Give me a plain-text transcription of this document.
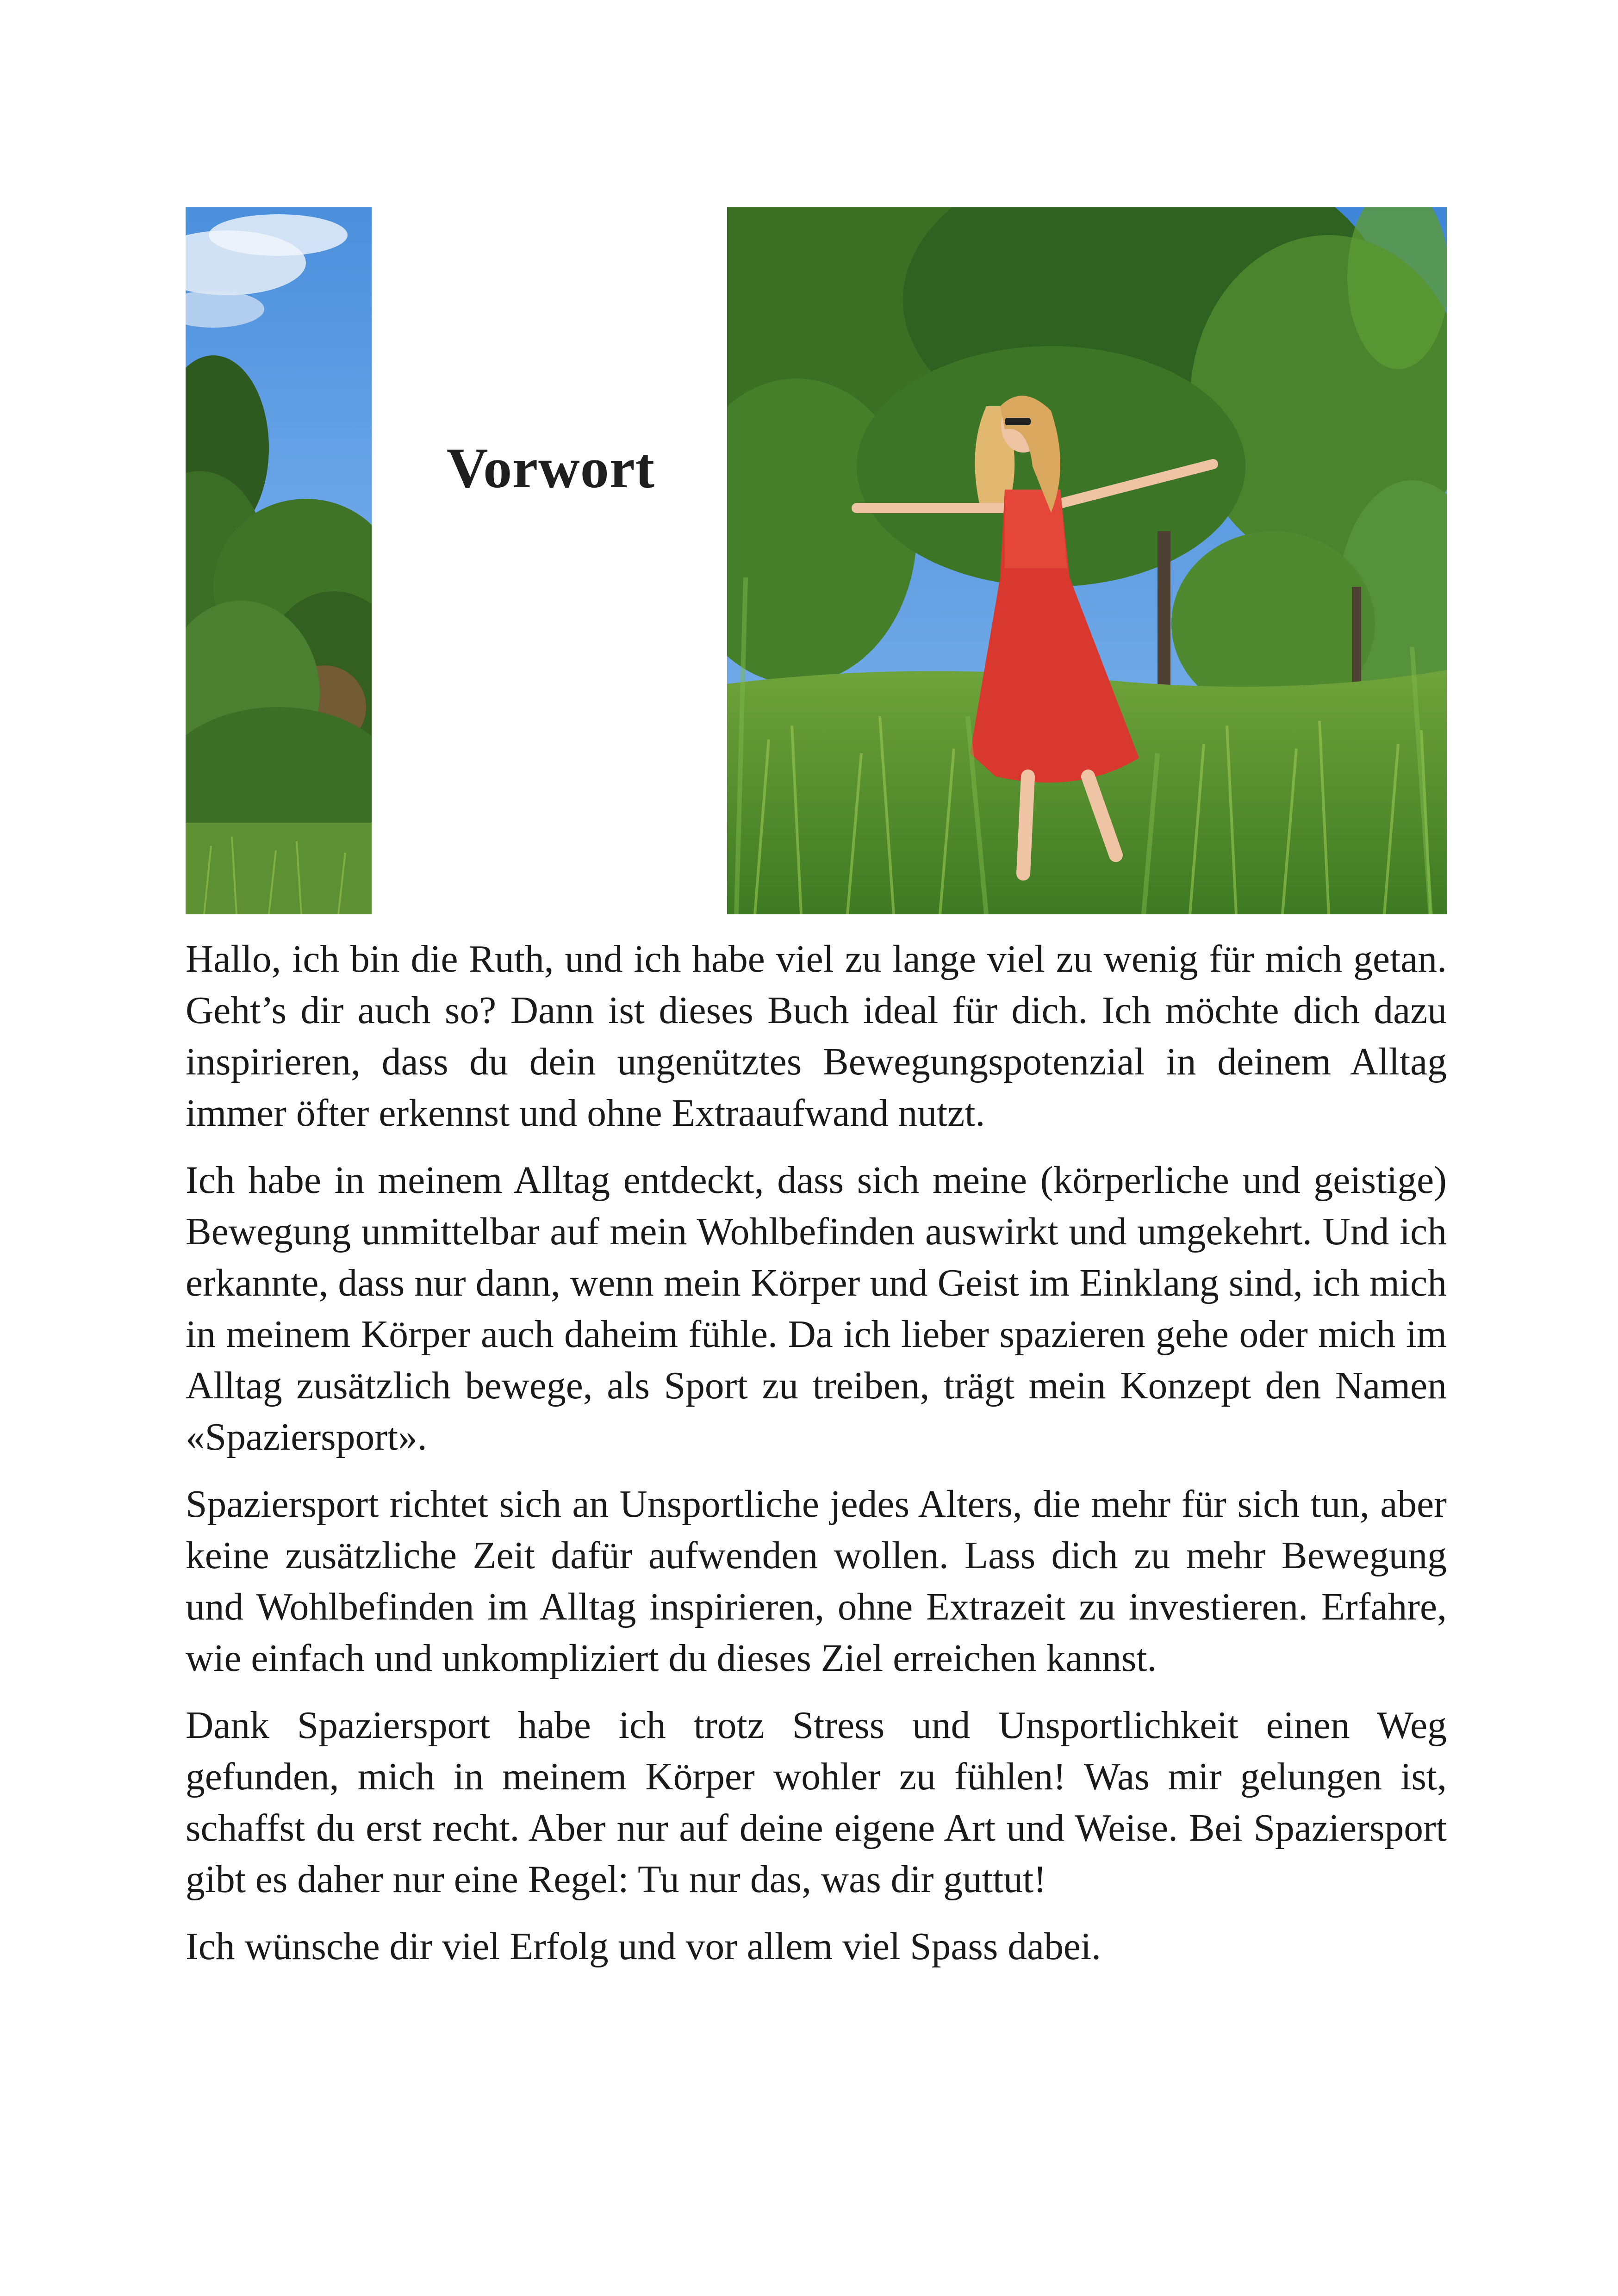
Vorwort

Hallo, ich bin die Ruth, und ich habe viel zu lange viel zu wenig für mich getan. Geht’s dir auch so? Dann ist dieses Buch ideal für dich. Ich möchte dich dazu inspirieren, dass du dein ungenütztes Bewegungspotenzial in deinem Alltag immer öfter erkennst und ohne Extraaufwand nutzt.

Ich habe in meinem Alltag entdeckt, dass sich meine (körperliche und geistige) Bewegung unmittelbar auf mein Wohlbefinden auswirkt und umgekehrt. Und ich erkannte, dass nur dann, wenn mein Körper und Geist im Einklang sind, ich mich in meinem Körper auch daheim fühle. Da ich lieber spazieren gehe oder mich im Alltag zusätzlich bewege, als Sport zu treiben, trägt mein Konzept den Namen «Spaziersport».

Spaziersport richtet sich an Unsportliche jedes Alters, die mehr für sich tun, aber keine zusätzliche Zeit dafür aufwenden wollen. Lass dich zu mehr Bewegung und Wohlbefinden im Alltag inspirieren, ohne Extrazeit zu investieren. Erfahre, wie einfach und unkompliziert du dieses Ziel erreichen kannst.

Dank Spaziersport habe ich trotz Stress und Unsportlichkeit einen Weg gefunden, mich in meinem Körper wohler zu fühlen! Was mir gelungen ist, schaffst du erst recht. Aber nur auf deine eigene Art und Weise. Bei Spaziersport gibt es daher nur eine Regel: Tu nur das, was dir guttut!

Ich wünsche dir viel Erfolg und vor allem viel Spass dabei.
